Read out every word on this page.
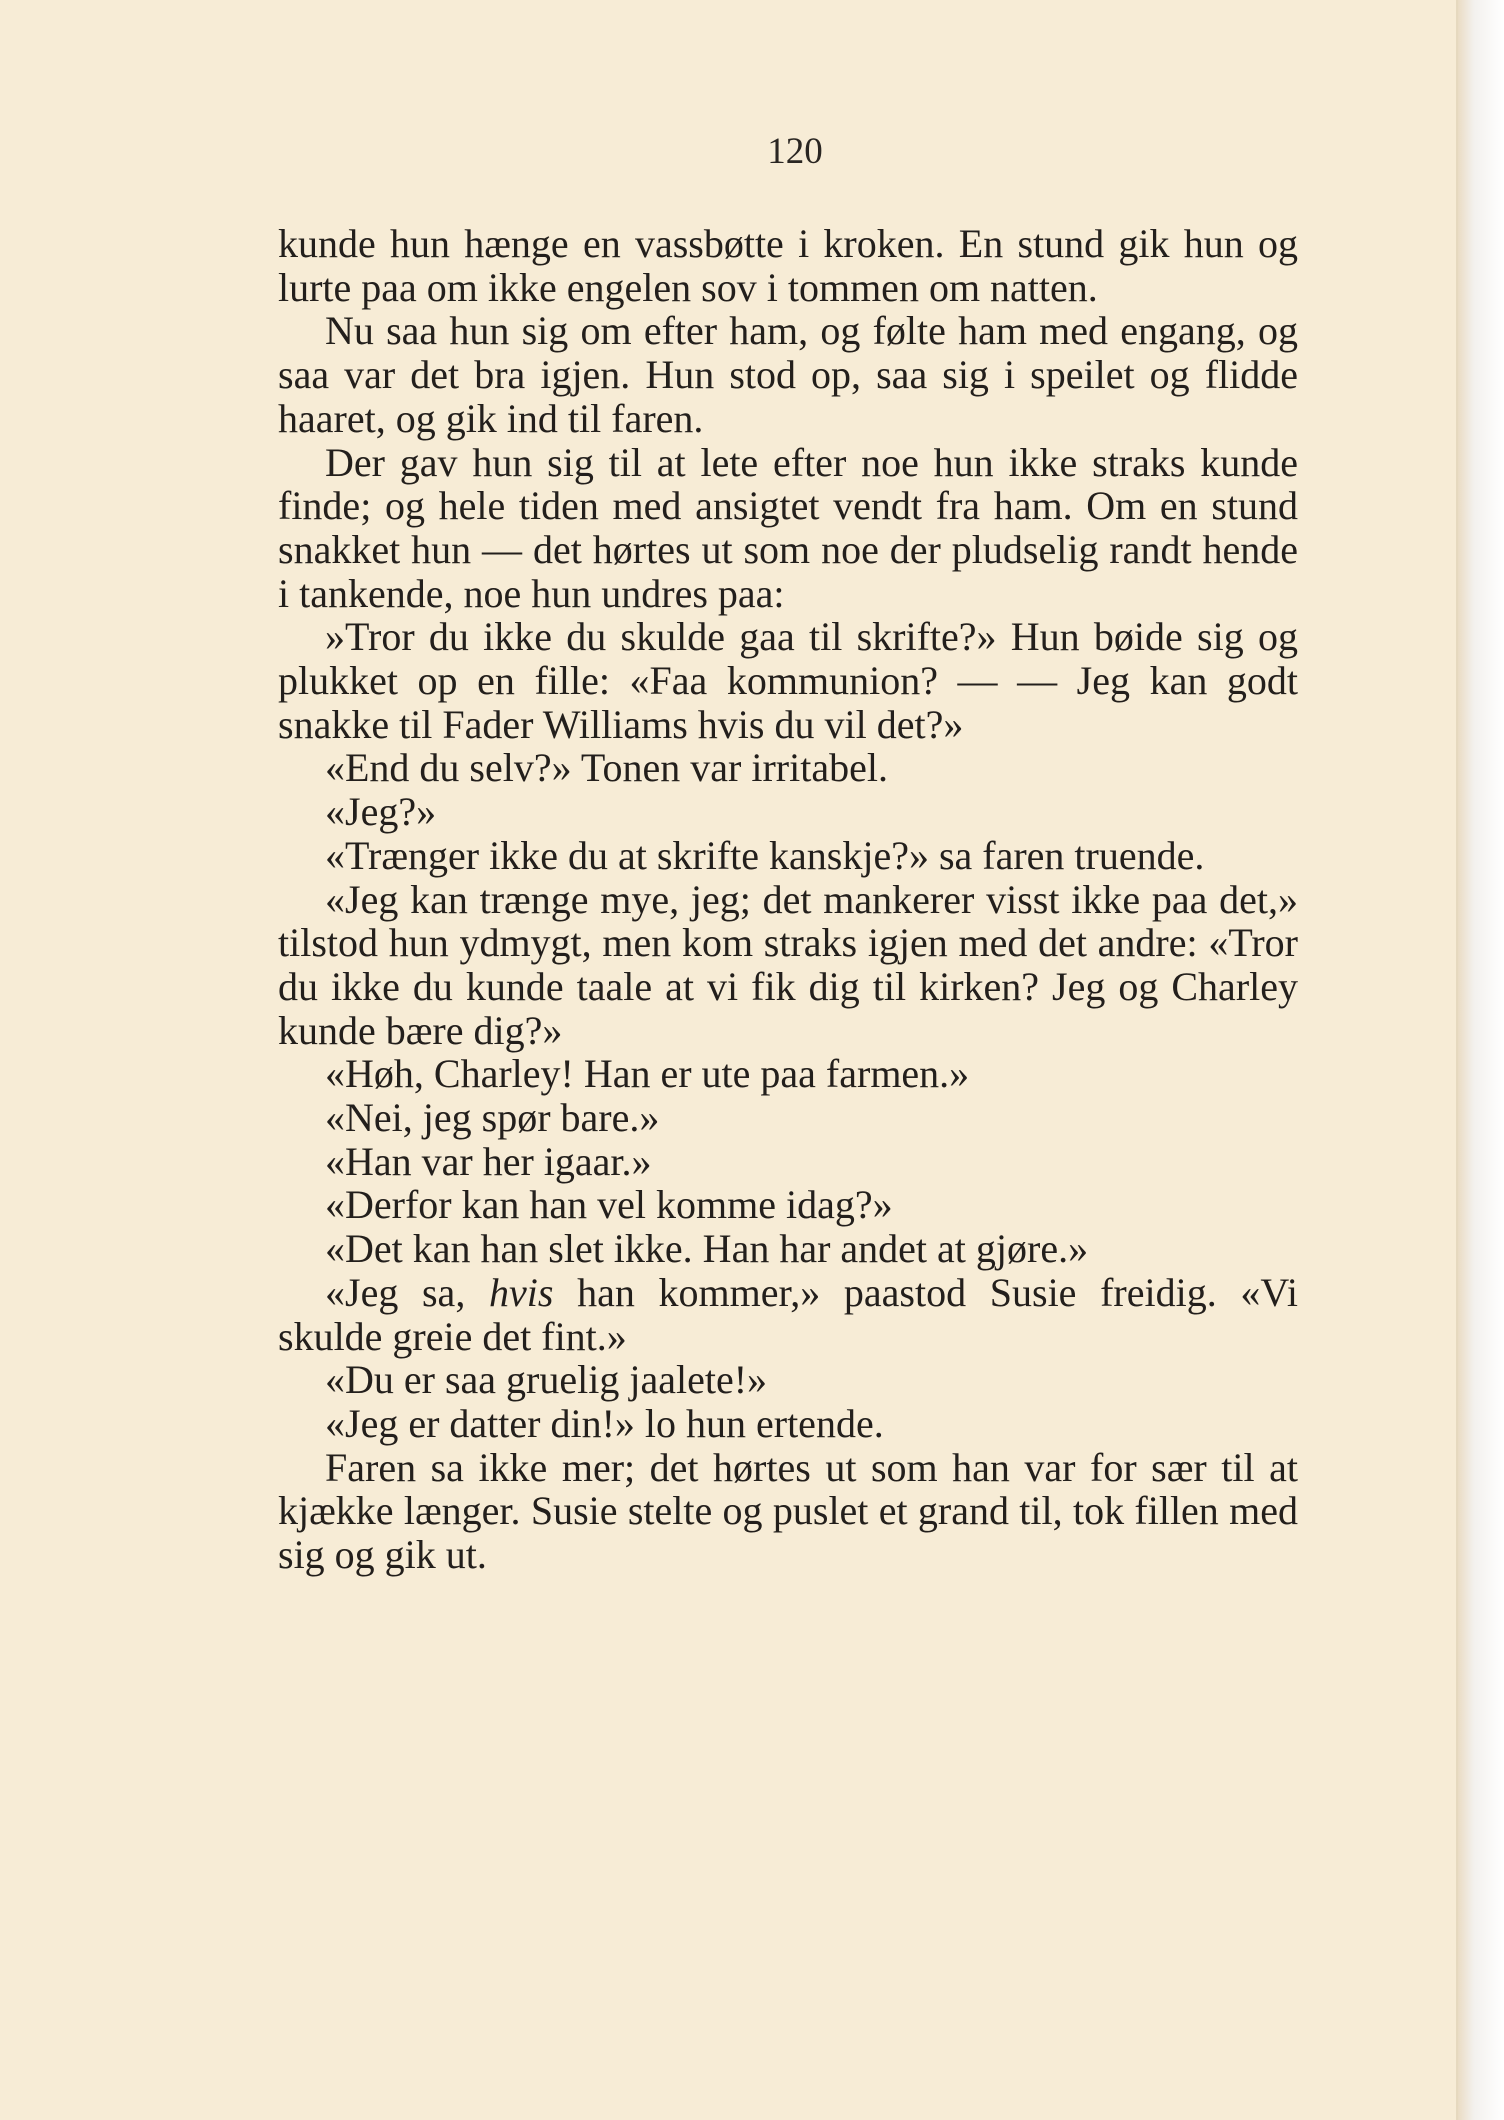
120

kunde hun hænge en vassbøtte i kroken. En stund gik hun og lurte paa om ikke engelen sov i tommen om natten.

Nu saa hun sig om efter ham, og følte ham med engang, og saa var det bra igjen. Hun stod op, saa sig i speilet og flidde haaret, og gik ind til faren.

Der gav hun sig til at lete efter noe hun ikke straks kunde finde; og hele tiden med ansigtet vendt fra ham. Om en stund snakket hun — det hørtes ut som noe der pludselig randt hende i tankende, noe hun undres paa:

»Tror du ikke du skulde gaa til skrifte?» Hun bøide sig og plukket op en fille: «Faa kommunion? — — Jeg kan godt snakke til Fader Williams hvis du vil det?»

«End du selv?» Tonen var irritabel.

«Jeg?»

«Trænger ikke du at skrifte kanskje?» sa faren truende.

«Jeg kan trænge mye, jeg; det mankerer visst ikke paa det,» tilstod hun ydmygt, men kom straks igjen med det andre: «Tror du ikke du kunde taale at vi fik dig til kirken? Jeg og Charley kunde bære dig?»

«Høh, Charley! Han er ute paa farmen.»

«Nei, jeg spør bare.»

«Han var her igaar.»

«Derfor kan han vel komme idag?»

«Det kan han slet ikke. Han har andet at gjøre.»

«Jeg sa, hvis han kommer,» paastod Susie freidig. «Vi skulde greie det fint.»

«Du er saa gruelig jaalete!»

«Jeg er datter din!» lo hun ertende.

Faren sa ikke mer; det hørtes ut som han var for sær til at kjække længer. Susie stelte og puslet et grand til, tok fillen med sig og gik ut.
